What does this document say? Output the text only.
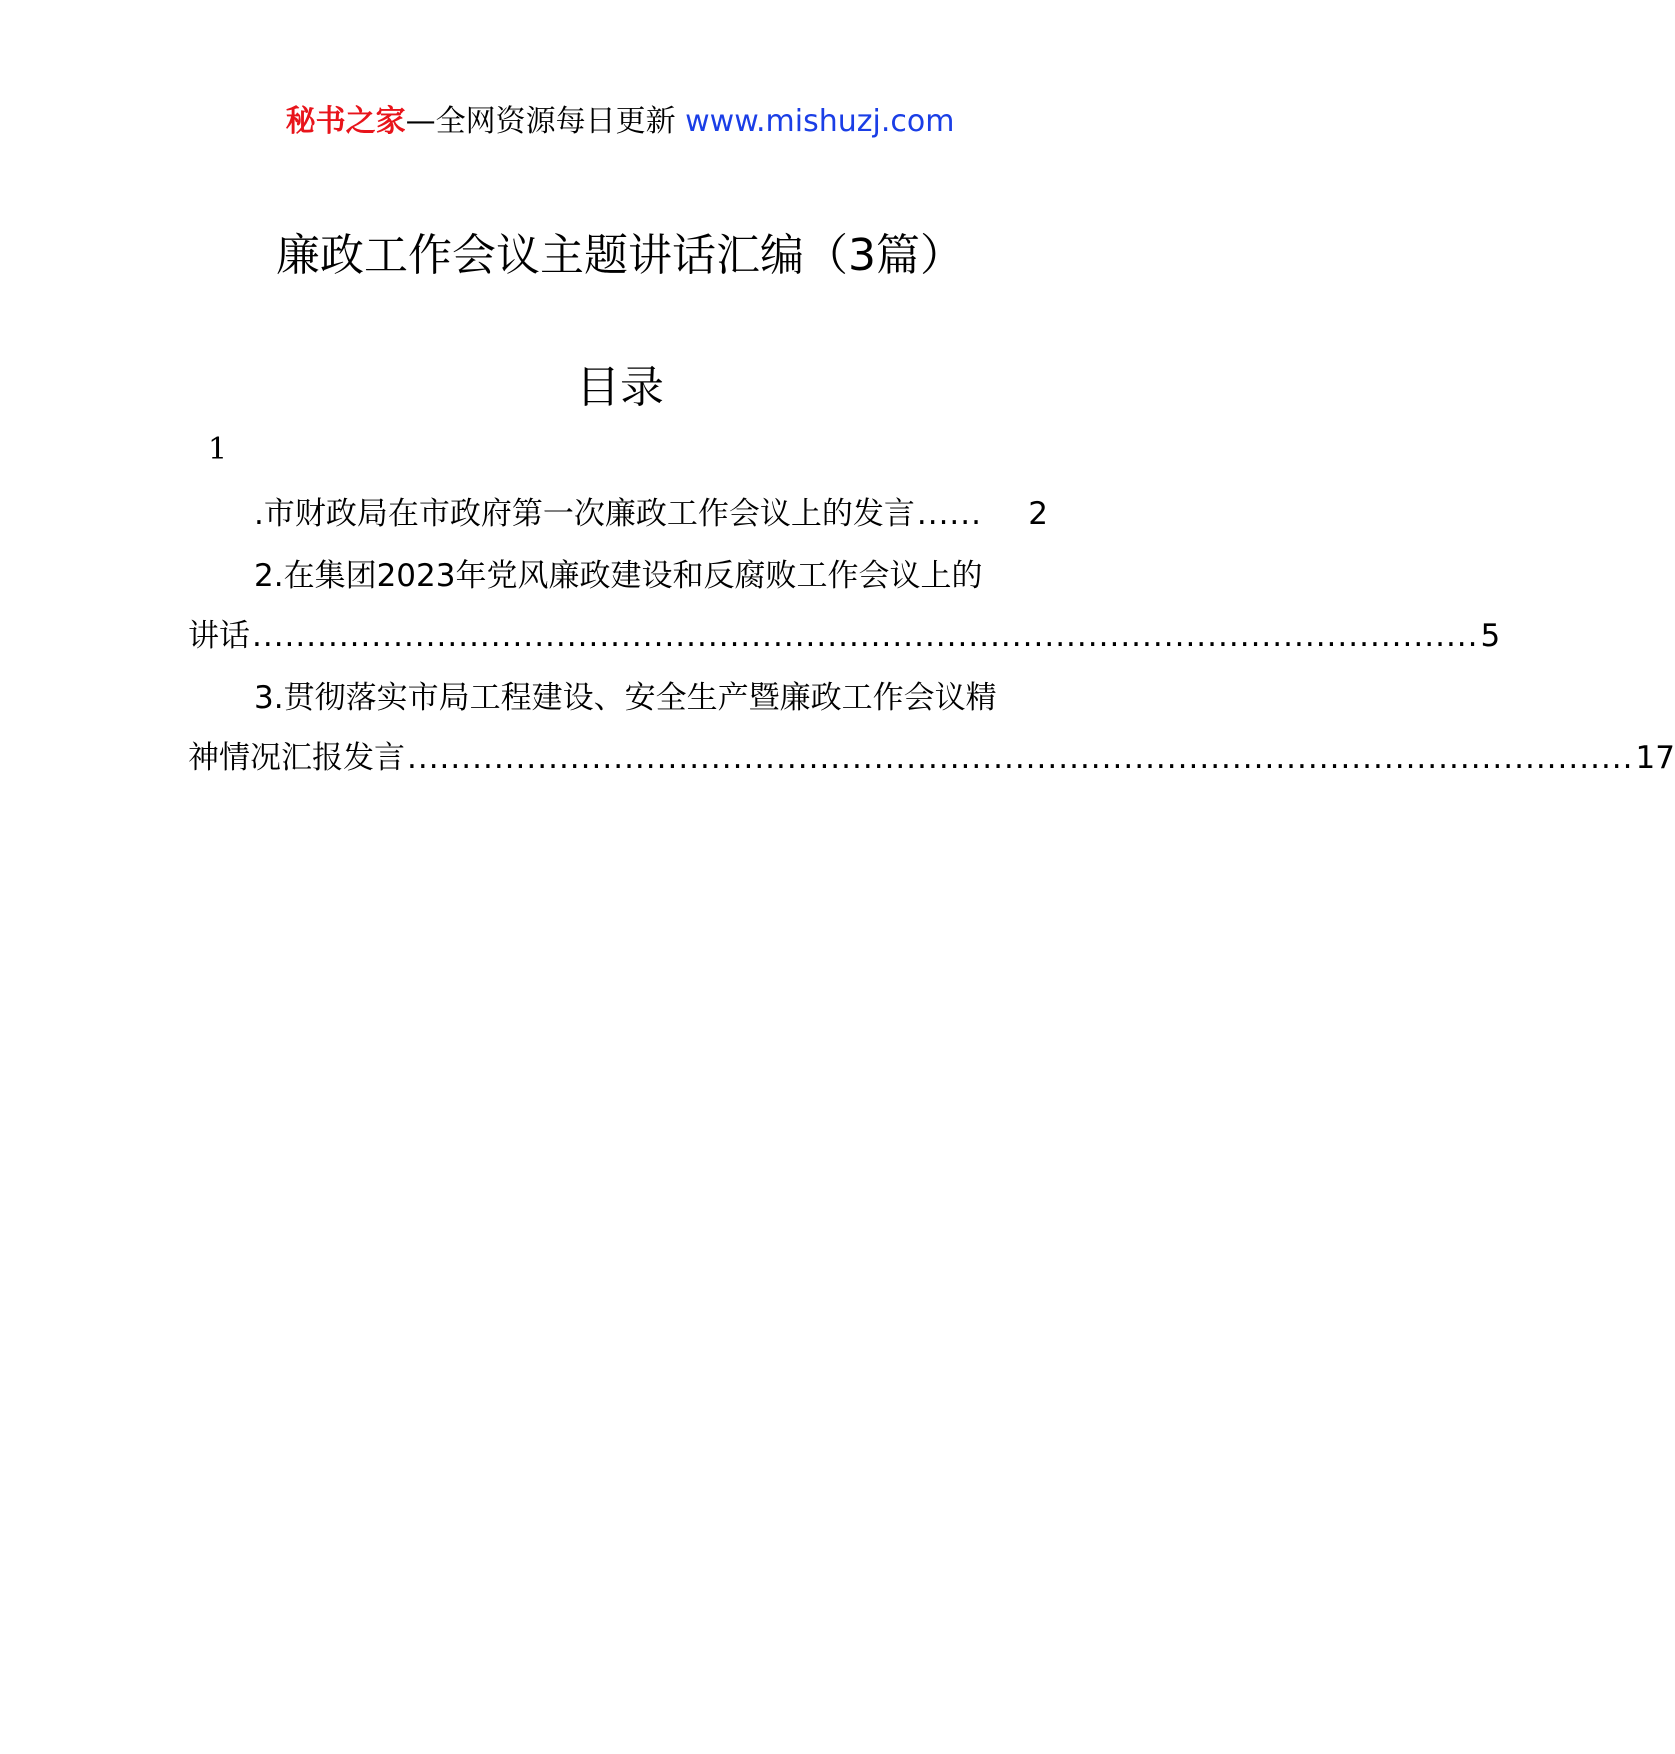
秘书之家—全网资源每日更新 www.mishuzj.com
廉政工作会议主题讲话汇编（3篇）
目录
1
.市财政局在市政府第一次廉政工作会议上的发言 ......	2
2.在集团2023年党风廉政建设和反腐败工作会议上的
讲话 ................................................................................................................. 5
3.贯彻落实市局工程建设、安全生产暨廉政工作会议精
神情况汇报发言 ................................................................................................................. 17
